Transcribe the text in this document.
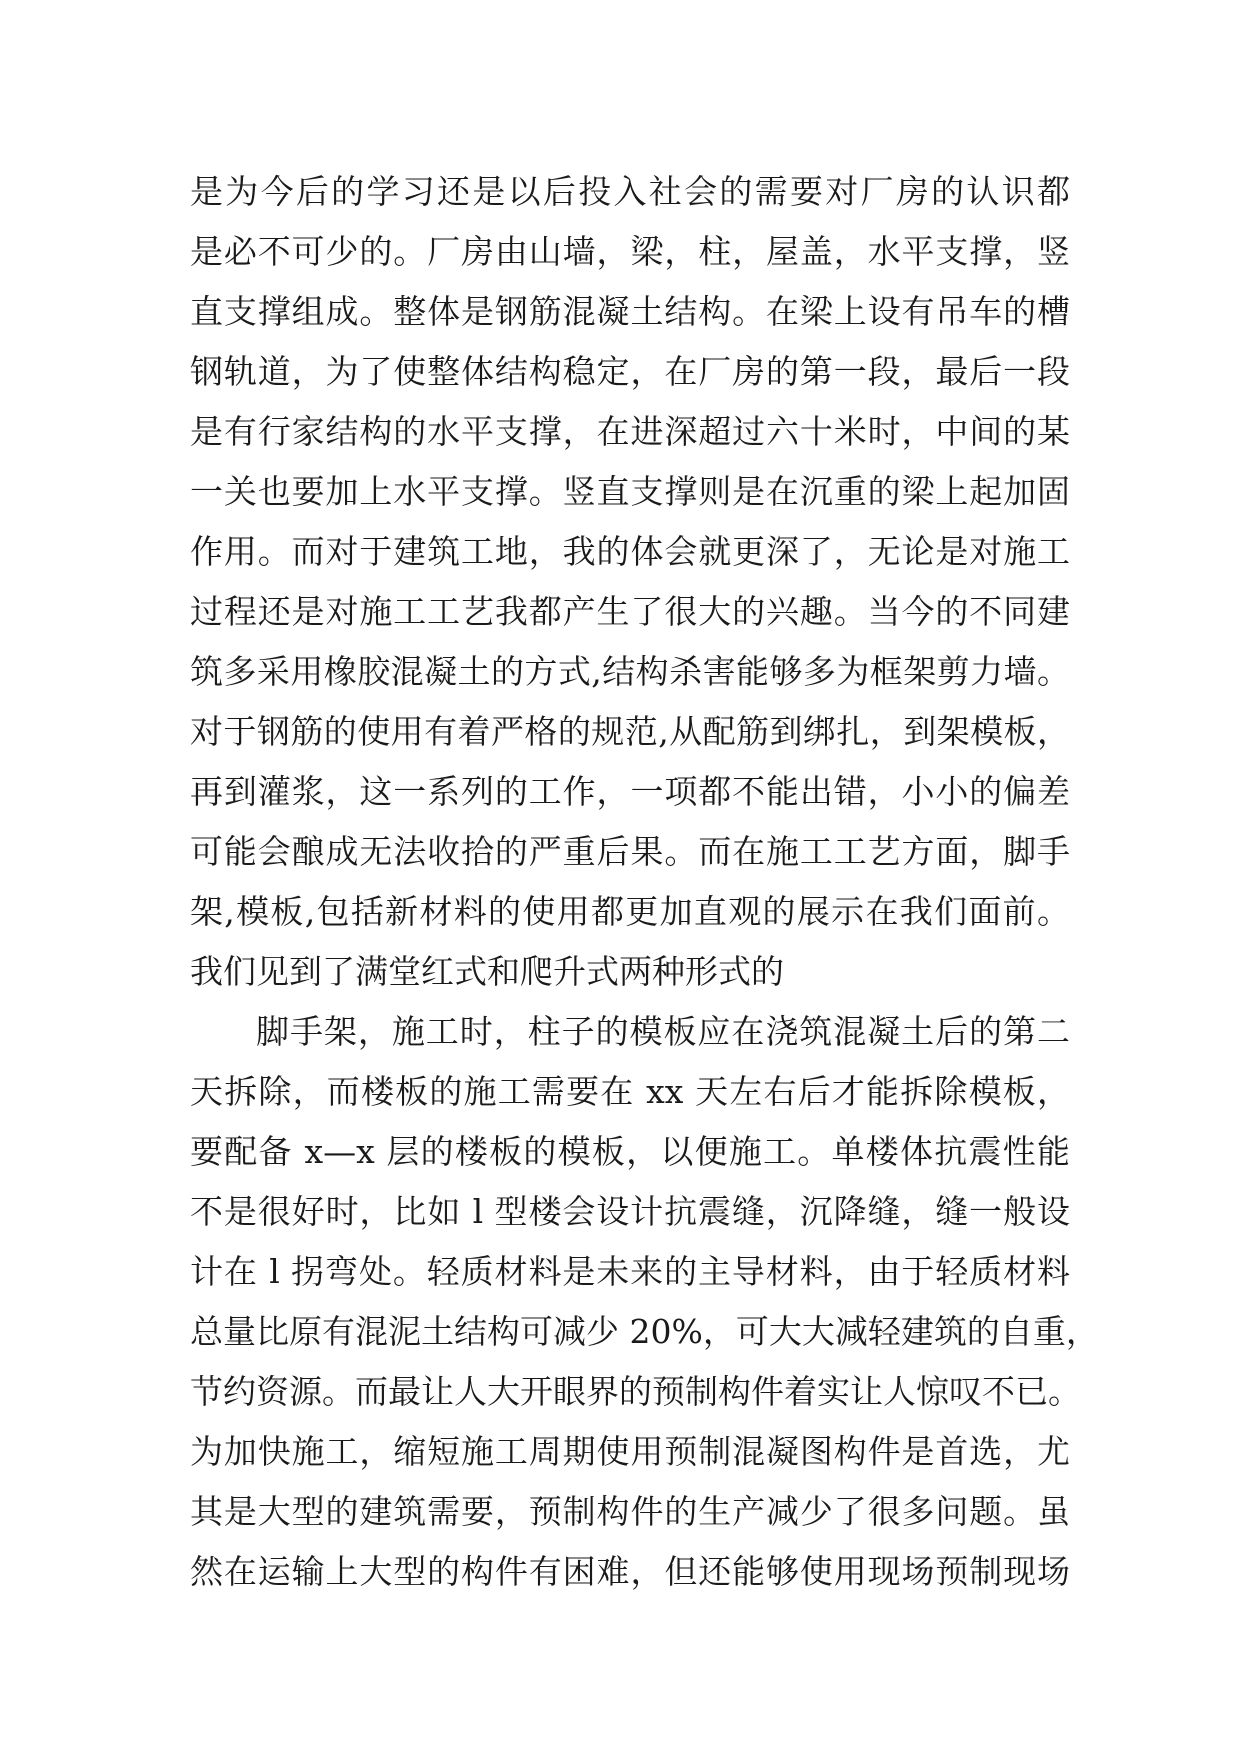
是为今后的学习还是以后投入社会的需要对厂房的认识都
是必不可少的。厂房由山墙，梁，柱，屋盖，水平支撑，竖
直支撑组成。整体是钢筋混凝土结构。在梁上设有吊车的槽
钢轨道，为了使整体结构稳定，在厂房的第一段，最后一段
是有行家结构的水平支撑，在进深超过六十米时，中间的某
一关也要加上水平支撑。竖直支撑则是在沉重的梁上起加固
作用。而对于建筑工地，我的体会就更深了，无论是对施工
过程还是对施工工艺我都产生了很大的兴趣。当今的不同建
筑多采用橡胶混凝土的方式,结构杀害能够多为框架剪力墙。
对于钢筋的使用有着严格的规范,从配筋到绑扎，到架模板，
再到灌浆，这一系列的工作，一项都不能出错，小小的偏差
可能会酿成无法收拾的严重后果。而在施工工艺方面，脚手
架,模板,包括新材料的使用都更加直观的展示在我们面前。
我们见到了满堂红式和爬升式两种形式的
脚手架，施工时，柱子的模板应在浇筑混凝土后的第二
天拆除，而楼板的施工需要在 xx 天左右后才能拆除模板，
要配备 x—x 层的楼板的模板，以便施工。单楼体抗震性能
不是很好时，比如 l 型楼会设计抗震缝，沉降缝，缝一般设
计在 l 拐弯处。轻质材料是未来的主导材料，由于轻质材料
总量比原有混泥土结构可减少 20%，可大大减轻建筑的自重，
节约资源。而最让人大开眼界的预制构件着实让人惊叹不已。
为加快施工，缩短施工周期使用预制混凝图构件是首选，尤
其是大型的建筑需要，预制构件的生产减少了很多问题。虽
然在运输上大型的构件有困难，但还能够使用现场预制现场
